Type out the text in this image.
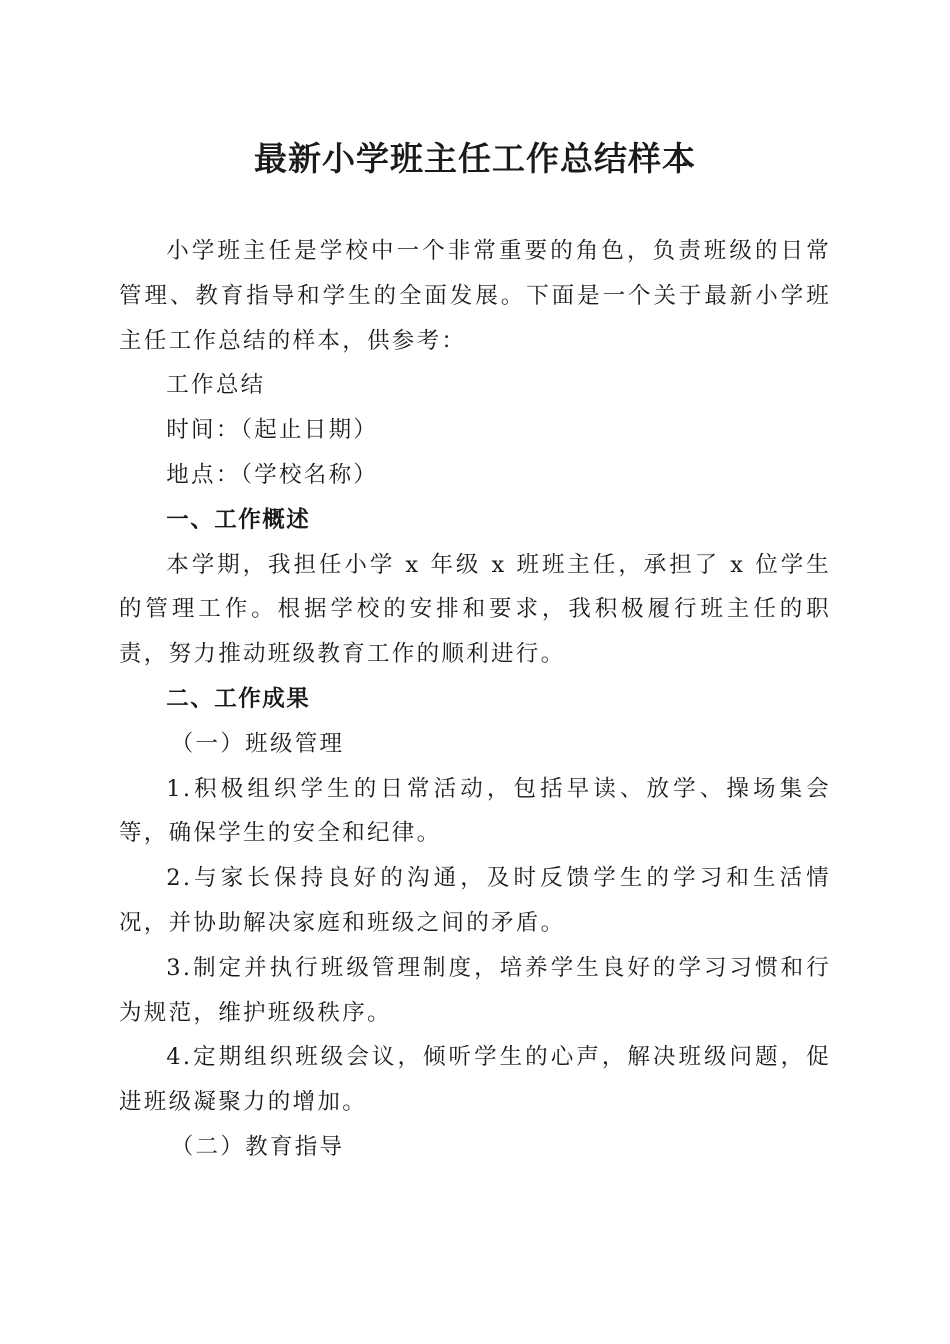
最新小学班主任工作总结样本

小学班主任是学校中一个非常重要的角色，负责班级的日常管理、教育指导和学生的全面发展。下面是一个关于最新小学班主任工作总结的样本，供参考：

工作总结

时间：（起止日期）

地点：（学校名称）

一、工作概述

本学期，我担任小学 x 年级 x 班班主任，承担了 x 位学生的管理工作。根据学校的安排和要求，我积极履行班主任的职责，努力推动班级教育工作的顺利进行。

二、工作成果

（一）班级管理

1.积极组织学生的日常活动，包括早读、放学、操场集会等，确保学生的安全和纪律。

2.与家长保持良好的沟通，及时反馈学生的学习和生活情况，并协助解决家庭和班级之间的矛盾。

3.制定并执行班级管理制度，培养学生良好的学习习惯和行为规范，维护班级秩序。

4.定期组织班级会议，倾听学生的心声，解决班级问题，促进班级凝聚力的增加。

（二）教育指导
